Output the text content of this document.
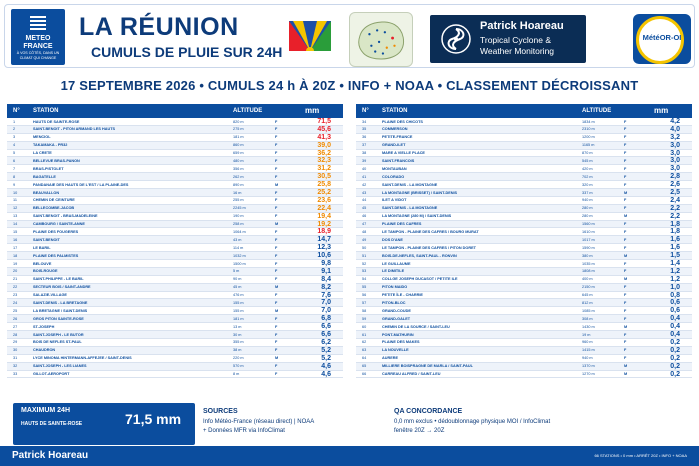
METEO FRANCE
À VOS CÔTÉS, DANS UN CLIMAT QUI CHANGE
LA RÉUNION
CUMULS DE PLUIE SUR 24H
Patrick Hoareau
Tropical Cyclone &
Weather Monitoring
MétéOR-OI
17 SEPTEMBRE 2026 • CUMULS 24 h À 20Z • INFO + NOAA • CLASSEMENT DÉCROISSANT
N° STATION	ALTITUDE	mm
1	HAUTS DE SAINTE-ROSE	820 m	F	71,5
2	SAINT-BENOIT - PITON ARMAND LES HAUTS	275 m	F	45,6
3	MENCIOL	181 m	F	41,3
4	TAKAMAKA - PR32	860 m	F	39,0
5	LA CRETE	659 m	F	36,2
6	BELLEVUE BRAS-PANON	480 m	F	32,3
7	BRAS-PISTOLET	356 m	F	31,2
8	BAGATELLE	262 m	F	30,5
9	PANDANAIE DES HAUTS DE L'EST / LA PLAINE-DES	890 m	M	25,8
10	BEAUVALLON	16 m	F	25,2
11	CHEMIN DE CEINTURE	255 m	F	23,6
12	BELLECOMBE-JACOB	2245 m	F	22,4
13	SAINT-BENOIT - BRAS-MADELEINE	190 m	F	19,4
14	CAMBOURG / SAINTE-ANNE	258 m	M	19,2
15	PLAINE DES FOUGERES	1064 m	F	18,9
16	SAINT-BENOIT	43 m	F	14,7
17	LE BARIL	114 m	F	12,3
18	PLAINE DES PALMISTES	1032 m	F	10,6
19	BELOUVE	1500 m	F	9,8
20	BOIS-ROUGE	5 m	F	9,1
21	SAINT-PHILIPPE - LE BARIL	90 m	F	8,4
22	SECTEUR BOIS / SAINT-ANDRE	45 m	M	8,2
23	SALAZIE-VILLAGE	476 m	F	7,6
24	SAINT-DENIS - LA BRETAGNE	155 m	F	7,0
25	LA BRETAGNE / SAINT-DENIS	155 m	M	7,0
26	GROS PITON SAINTE-ROSE	181 m	F	6,8
27	ST-JOSEPH	13 m	F	6,6
28	SAINT-JOSEPH - LE BUTOR	30 m	F	6,6
29	BOIS DE NEFLES ST-PAUL	355 m	F	6,2
30	CHAUDRON	38 m	F	5,2
31	LYCE MINOMA HINTERMANN-AFFEJEE / SAINT-DENIS	220 m	M	5,2
32	SAINT-JOSEPH - LES LIANES	570 m	F	4,6
33	GILLOT-AEROPORT	8 m	F	4,6
N° STATION	ALTITUDE	mm
34	PLAINE DES CHICOTS	1834 m	F	4,2
35	COMMERSON	2310 m	F	4,0
36	PETITE-FRANCE	1200 m	F	3,2
37	GRAND-ILET	1165 m	F	3,0
38	MARE A VIELLE PLACE	870 m	F	3,0
39	SAINT-FRANCOIS	545 m	F	3,0
40	MONTAUBAN	420 m	F	3,0
41	COLORADO	702 m	F	2,8
42	SAINT-DENIS - LA MONTAGNE	320 m	F	2,6
43	LA MONTAGNE (BRISSET) / SAINT-DENIS	337 m	M	2,5
44	ILET A VIDOT	940 m	F	2,4
45	SAINT-DENIS - LA MONTAGNE	280 m	F	2,2
46	LA MONTAGNE (280 M) / SAINT-DENIS	280 m	M	2,2
47	PLAINE DES CAFRES	1560 m	F	1,8
48	LE TAMPON - PLAINE DES CAFRES / BOURG MURAT	1610 m	F	1,8
49	DOS D'ANE	1017 m	F	1,6
50	LE TAMPON - PLAINE DES CAFRES / PITON DORET	1590 m	F	1,6
51	BOIS-DE-NEFLES, SAINT-PAUL - RONVIN	380 m	M	1,5
52	LE GUILLAUME	1035 m	F	1,4
53	LE DIMITILE	1808 m	F	1,2
54	COLLGE JOSEPH DUCASOT / PETITE ILE	400 m	M	1,2
55	PITON MAIDO	2150 m	F	1,0
56	PETITE ÎLE - CHARRIE	645 m	F	0,8
57	PITON-BLOC	812 m	F	0,6
58	GRAND-COUDE	1085 m	F	0,6
59	GRAND-GALET	308 m	F	0,4
60	CHEMIN DE LA SOURCE / SAINT-LEU	1430 m	M	0,4
61	PONT-MATHURIN	19 m	F	0,4
62	PLAINE DES MAKES	960 m	F	0,2
63	LA NOUVELLE	1415 m	F	0,2
64	AURERE	940 m	F	0,2
65	MILLIERE BOISPRAGNE DE MARLA / SAINT-PAUL	1370 m	M	0,2
66	CARREAU ALFRED / SAINT-LEU	1270 m	M	0,2
MAXIMUM 24H
HAUTS DE SAINTE-ROSE	71,5 mm	SOURCES
Info Météo-France (réseau direct) | NOAA
+ Données MFR via InfoClimat
QA CONCORDANCE
0,0 mm exclus • dédoublonnage physique MOI / InfoClimat
fenêtre 20Z → 20Z
Patrick Hoareau	66 STATIONS • 0 mm • ARRÊT 20Z • INFO + NOAA
